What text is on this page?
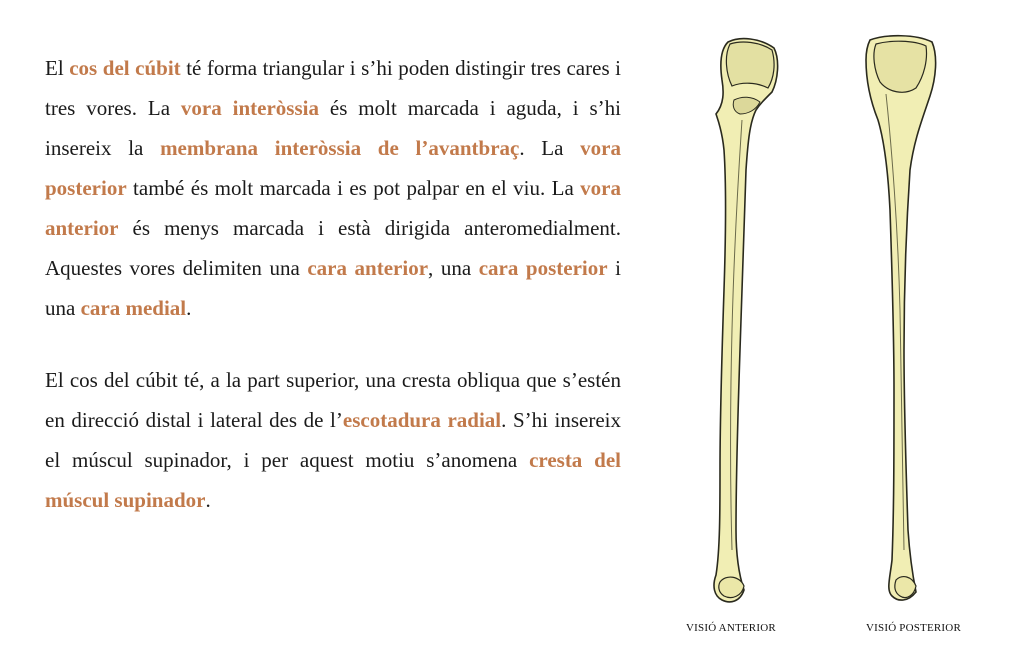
El cos del cúbit té forma triangular i s’hi poden distingir tres cares i tres vores. La vora interòssia és molt marcada i aguda, i s’hi insereix la membrana interòssia de l’avantbraç. La vora posterior també és molt marcada i es pot palpar en el viu. La vora anterior és menys marcada i està dirigida anteromedialment. Aquestes vores delimiten una cara anterior, una cara posterior i una cara medial.

El cos del cúbit té, a la part superior, una cresta obliqua que s’estén en direcció distal i lateral des de l’escotadura radial. S’hi insereix el múscul supinador, i per aquest motiu s’anomena cresta del múscul supinador.

VISIÓ ANTERIOR	VISIÓ POSTERIOR
